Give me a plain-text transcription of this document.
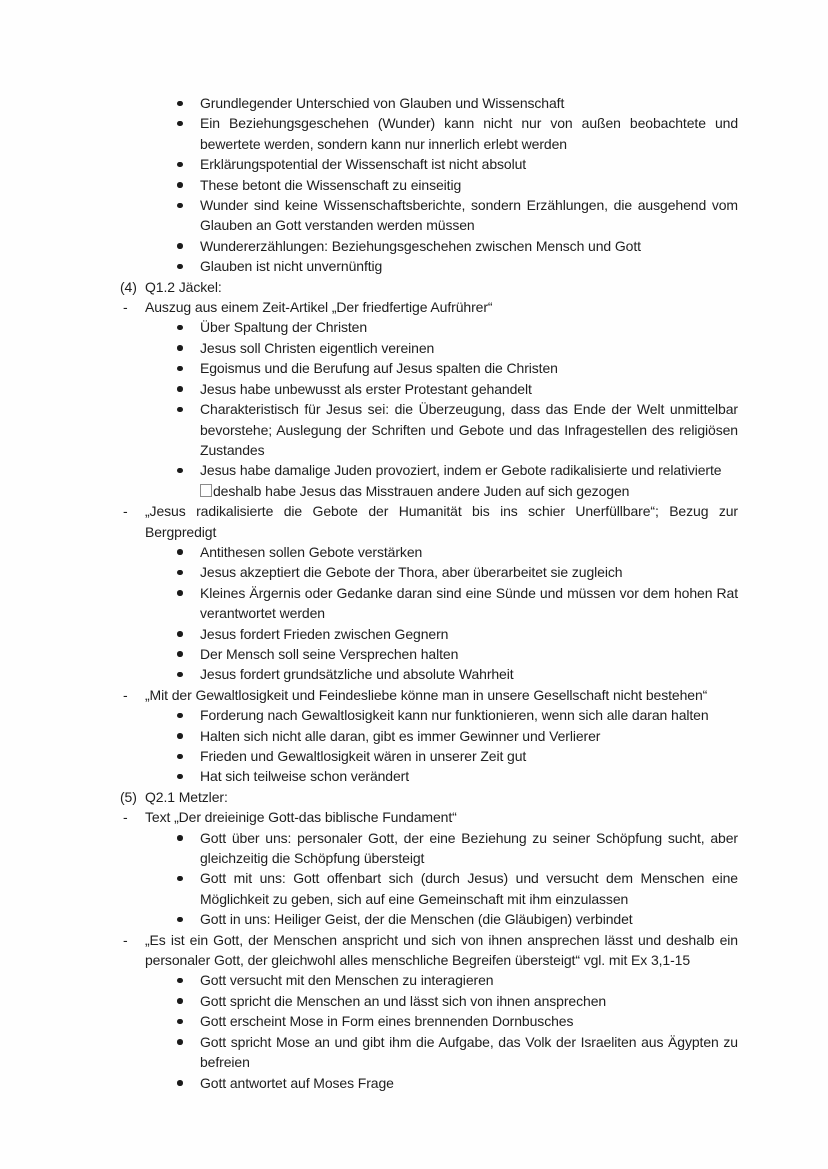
Grundlegender Unterschied von Glauben und Wissenschaft
Ein Beziehungsgeschehen (Wunder) kann nicht nur von außen beobachtete und bewertete werden, sondern kann nur innerlich erlebt werden
Erklärungspotential der Wissenschaft ist nicht absolut
These betont die Wissenschaft zu einseitig
Wunder sind keine Wissenschaftsberichte, sondern Erzählungen, die ausgehend vom Glauben an Gott verstanden werden müssen
Wundererzählungen: Beziehungsgeschehen zwischen Mensch und Gott
Glauben ist nicht unvernünftig
(4) Q1.2 Jäckel:
- Auszug aus einem Zeit-Artikel „Der friedfertige Aufrührer“
Über Spaltung der Christen
Jesus soll Christen eigentlich vereinen
Egoismus und die Berufung auf Jesus spalten die Christen
Jesus habe unbewusst als erster Protestant gehandelt
Charakteristisch für Jesus sei: die Überzeugung, dass das Ende der Welt unmittelbar bevorstehe; Auslegung der Schriften und Gebote und das Infragestellen des religiösen Zustandes
Jesus habe damalige Juden provoziert, indem er Gebote radikalisierte und relativierte
deshalb habe Jesus das Misstrauen andere Juden auf sich gezogen
- „Jesus radikalisierte die Gebote der Humanität bis ins schier Unerfüllbare“; Bezug zur Bergpredigt
Antithesen sollen Gebote verstärken
Jesus akzeptiert die Gebote der Thora, aber überarbeitet sie zugleich
Kleines Ärgernis oder Gedanke daran sind eine Sünde und müssen vor dem hohen Rat verantwortet werden
Jesus fordert Frieden zwischen Gegnern
Der Mensch soll seine Versprechen halten
Jesus fordert grundsätzliche und absolute Wahrheit
- „Mit der Gewaltlosigkeit und Feindesliebe könne man in unsere Gesellschaft nicht bestehen“
Forderung nach Gewaltlosigkeit kann nur funktionieren, wenn sich alle daran halten
Halten sich nicht alle daran, gibt es immer Gewinner und Verlierer
Frieden und Gewaltlosigkeit wären in unserer Zeit gut
Hat sich teilweise schon verändert
(5) Q2.1 Metzler:
- Text „Der dreieinige Gott-das biblische Fundament“
Gott über uns: personaler Gott, der eine Beziehung zu seiner Schöpfung sucht, aber gleichzeitig die Schöpfung übersteigt
Gott mit uns: Gott offenbart sich (durch Jesus) und versucht dem Menschen eine Möglichkeit zu geben, sich auf eine Gemeinschaft mit ihm einzulassen
Gott in uns: Heiliger Geist, der die Menschen (die Gläubigen) verbindet
- „Es ist ein Gott, der Menschen anspricht und sich von ihnen ansprechen lässt und deshalb ein personaler Gott, der gleichwohl alles menschliche Begreifen übersteigt“ vgl. mit Ex 3,1-15
Gott versucht mit den Menschen zu interagieren
Gott spricht die Menschen an und lässt sich von ihnen ansprechen
Gott erscheint Mose in Form eines brennenden Dornbusches
Gott spricht Mose an und gibt ihm die Aufgabe, das Volk der Israeliten aus Ägypten zu befreien
Gott antwortet auf Moses Frage
